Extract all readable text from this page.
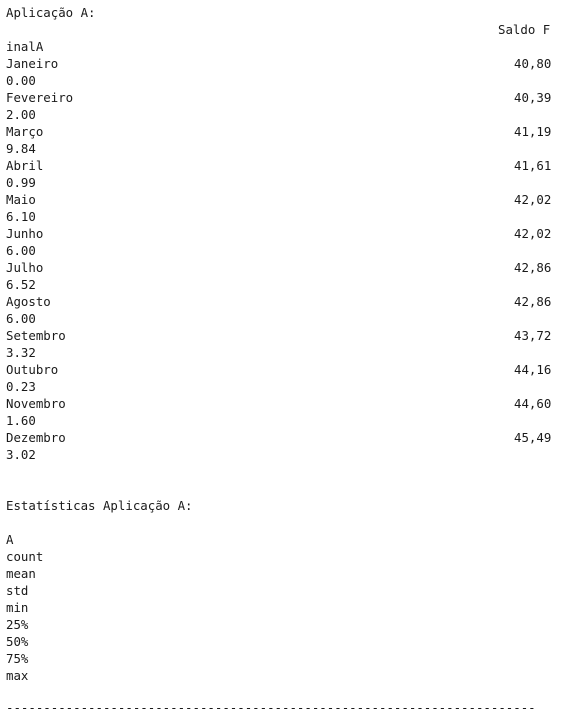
Aplicação A:
Saldo F
inalA
Janeiro	40,80
0.00
Fevereiro	40,39
2.00
Março	41,19
9.84
Abril	41,61
0.99
Maio	42,02
6.10
Junho	42,02
6.00
Julho	42,86
6.52
Agosto	42,86
6.00
Setembro	43,72
3.32
Outubro	44,16
0.23
Novembro	44,60
1.60
Dezembro	45,49
3.02
Estatísticas Aplicação A:
A
count
mean
std
min
25%
50%
75%
max
-----------------------------------------------------------------------
